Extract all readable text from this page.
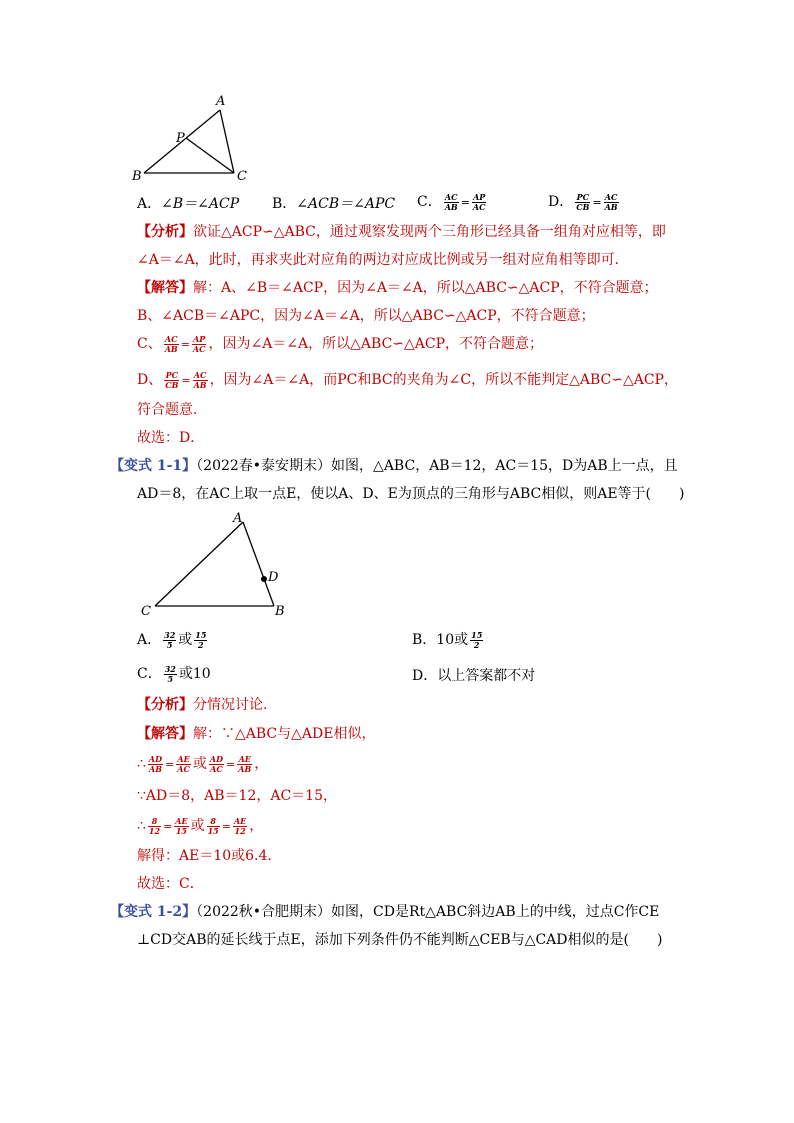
A
B	C
P
A．∠B＝∠ACP B．∠ACB＝∠APC C． $\frac{AC}{AB} = \frac{AP}{AC}$	D． $\frac{PC}{CB} = \frac{AC}{AB}$
【分析】欲证△ACP∽△ABC，通过观察发现两个三角形已经具备一组角对应相等，即
∠A＝∠A，此时，再求夹此对应角的两边对应成比例或另一组对应角相等即可．
【解答】解：A、∠B＝∠ACP，因为∠A＝∠A，所以△ABC∽△ACP，不符合题意；
B、∠ACB＝∠APC，因为∠A＝∠A，所以△ABC∽△ACP，不符合题意；
C、 $\frac{AC}{AB} = \frac{AP}{AC}$ ，因为∠A＝∠A，所以△ABC∽△ACP，不符合题意；
D、 $\frac{PC}{CB} = \frac{AC}{AB}$ ，因为∠A＝∠A，而PC和BC的夹角为∠C，所以不能判定△ABC∽△ACP，
符合题意．
故选：D．
【变式 1-1】（2022春•泰安期末）如图，△ABC，AB＝12，AC＝15，D为AB上一点，且
AD＝8，在AC上取一点E，使以A、D、E为顶点的三角形与ABC相似，则AE等于(　　)
A
C	B
D
A． $\frac{32}{5}$ 或 $\frac{15}{2}$	B．10或 $\frac{15}{2}$
C． $\frac{32}{5}$ 或10	D．以上答案都不对
【分析】分情况讨论.
【解答】解：∵△ABC与△ADE相似，
∴ $\frac{AD}{AB} = \frac{AE}{AC}$ 或 $\frac{AD}{AC} = \frac{AE}{AB}$ ，
∵AD＝8，AB＝12，AC＝15，
∴ $\frac{8}{12} = \frac{AE}{15}$ 或 $\frac{8}{15} = \frac{AE}{12}$ ，
解得：AE＝10或6.4．
故选：C．
【变式 1-2】（2022秋•合肥期末）如图，CD是Rt△ABC斜边AB上的中线，过点C作CE
⊥CD交AB的延长线于点E，添加下列条件仍不能判断△CEB与△CAD相似的是(　　)
